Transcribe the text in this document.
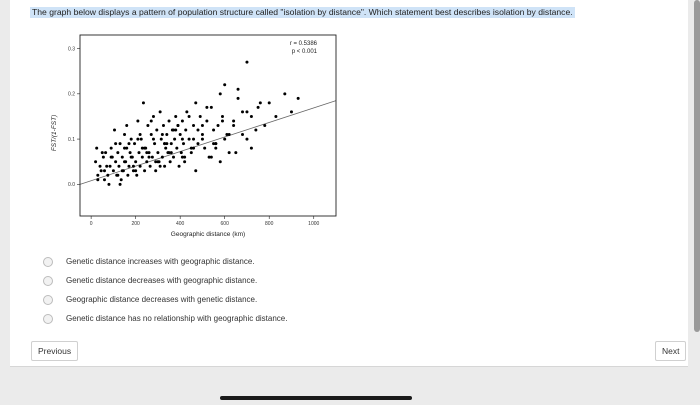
The graph below displays a pattern of population structure called "isolation by distance". Which statement best describes isolation by distance.

0	200	400	600	800	1000
0.0
0.1
0.2
0.3
r = 0.5386
p < 0.001
Geographic distance (km)
FST/(1-FST)
Genetic distance increases with geographic distance.
Genetic distance decreases with geographic distance.
Geographic distance decreases with genetic distance.
Genetic distance has no relationship with geographic distance.
Previous	Next
